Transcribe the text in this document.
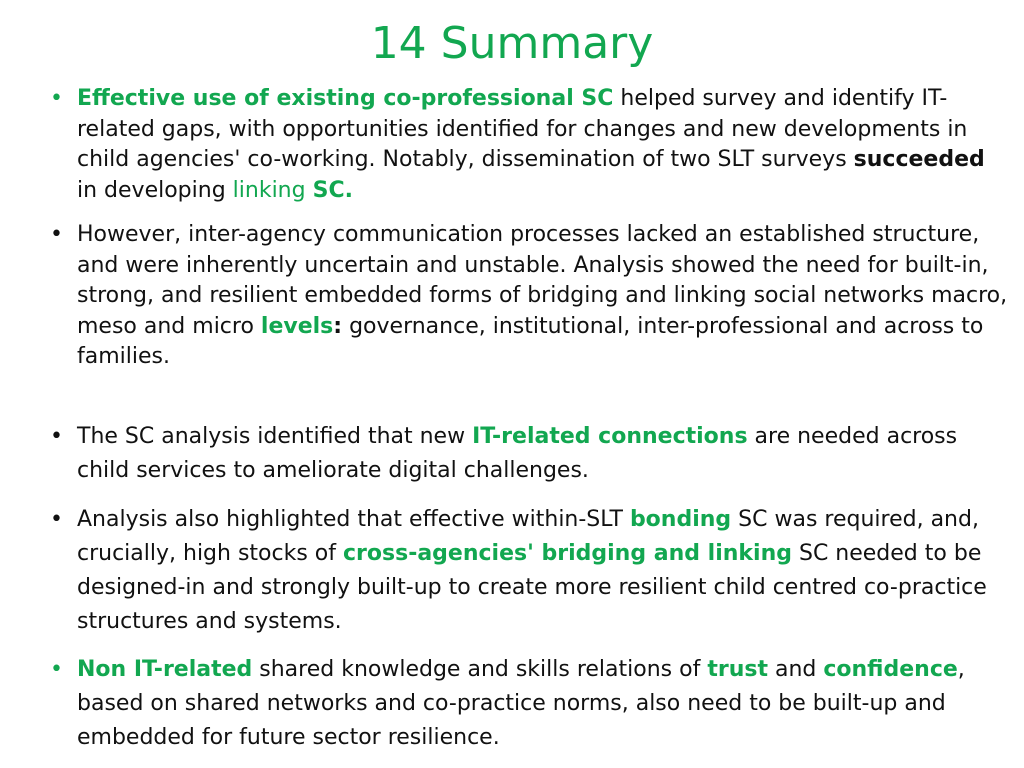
14 Summary
• Effective use of existing co-professional SC helped survey and identify IT-related gaps, with opportunities identified for changes and new developments in child agencies' co-working. Notably, dissemination of two SLT surveys succeeded in developing linking SC.
• However, inter-agency communication processes lacked an established structure, and were inherently uncertain and unstable. Analysis showed the need for built-in, strong, and resilient embedded forms of bridging and linking social networks macro, meso and micro levels: governance, institutional, inter-professional and across to families.
• The SC analysis identified that new IT-related connections are needed across child services to ameliorate digital challenges.
• Analysis also highlighted that effective within-SLT bonding SC was required, and, crucially, high stocks of cross-agencies' bridging and linking SC needed to be designed-in and strongly built-up to create more resilient child centred co-practice structures and systems.
• Non IT-related shared knowledge and skills relations of trust and confidence, based on shared networks and co-practice norms, also need to be built-up and embedded for future sector resilience.
